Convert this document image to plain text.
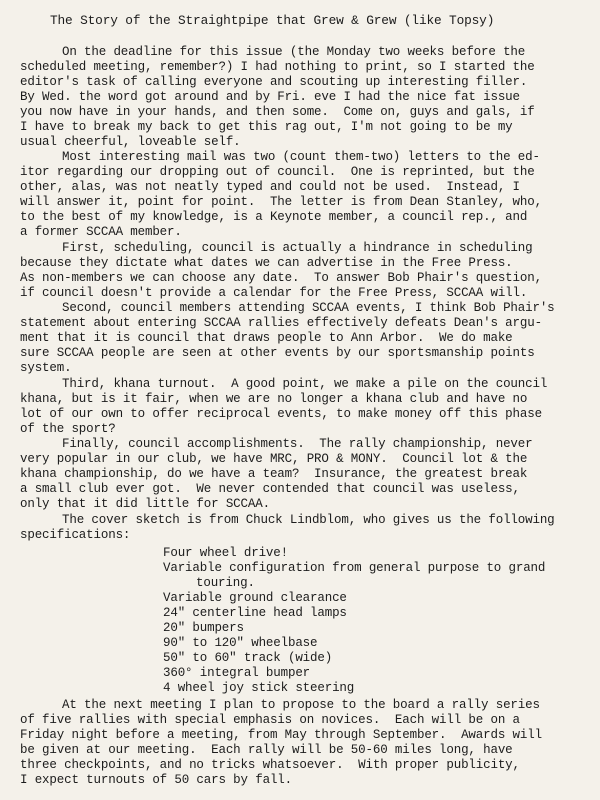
The Story of the Straightpipe that Grew & Grew (like Topsy)
On the deadline for this issue (the Monday two weeks before the
scheduled meeting, remember?) I had nothing to print, so I started the
editor's task of calling everyone and scouting up interesting filler.
By Wed. the word got around and by Fri. eve I had the nice fat issue
you now have in your hands, and then some.  Come on, guys and gals, if
I have to break my back to get this rag out, I'm not going to be my
usual cheerful, loveable self.
Most interesting mail was two (count them-two) letters to the ed-
itor regarding our dropping out of council.  One is reprinted, but the
other, alas, was not neatly typed and could not be used.  Instead, I
will answer it, point for point.  The letter is from Dean Stanley, who,
to the best of my knowledge, is a Keynote member, a council rep., and
a former SCCAA member.
First, scheduling, council is actually a hindrance in scheduling
because they dictate what dates we can advertise in the Free Press.
As non-members we can choose any date.  To answer Bob Phair's question,
if council doesn't provide a calendar for the Free Press, SCCAA will.
Second, council members attending SCCAA events, I think Bob Phair's
statement about entering SCCAA rallies effectively defeats Dean's argu-
ment that it is council that draws people to Ann Arbor.  We do make
sure SCCAA people are seen at other events by our sportsmanship points
system.
Third, khana turnout.  A good point, we make a pile on the council
khana, but is it fair, when we are no longer a khana club and have no
lot of our own to offer reciprocal events, to make money off this phase
of the sport?
Finally, council accomplishments.  The rally championship, never
very popular in our club, we have MRC, PRO & MONY.  Council lot & the
khana championship, do we have a team?  Insurance, the greatest break
a small club ever got.  We never contended that council was useless,
only that it did little for SCCAA.
The cover sketch is from Chuck Lindblom, who gives us the following
specifications:
Four wheel drive!
Variable configuration from general purpose to grand
touring.
Variable ground clearance
24" centerline head lamps
20" bumpers
90" to 120" wheelbase
50" to 60" track (wide)
360° integral bumper
4 wheel joy stick steering
At the next meeting I plan to propose to the board a rally series
of five rallies with special emphasis on novices.  Each will be on a
Friday night before a meeting, from May through September.  Awards will
be given at our meeting.  Each rally will be 50-60 miles long, have
three checkpoints, and no tricks whatsoever.  With proper publicity,
I expect turnouts of 50 cars by fall.
